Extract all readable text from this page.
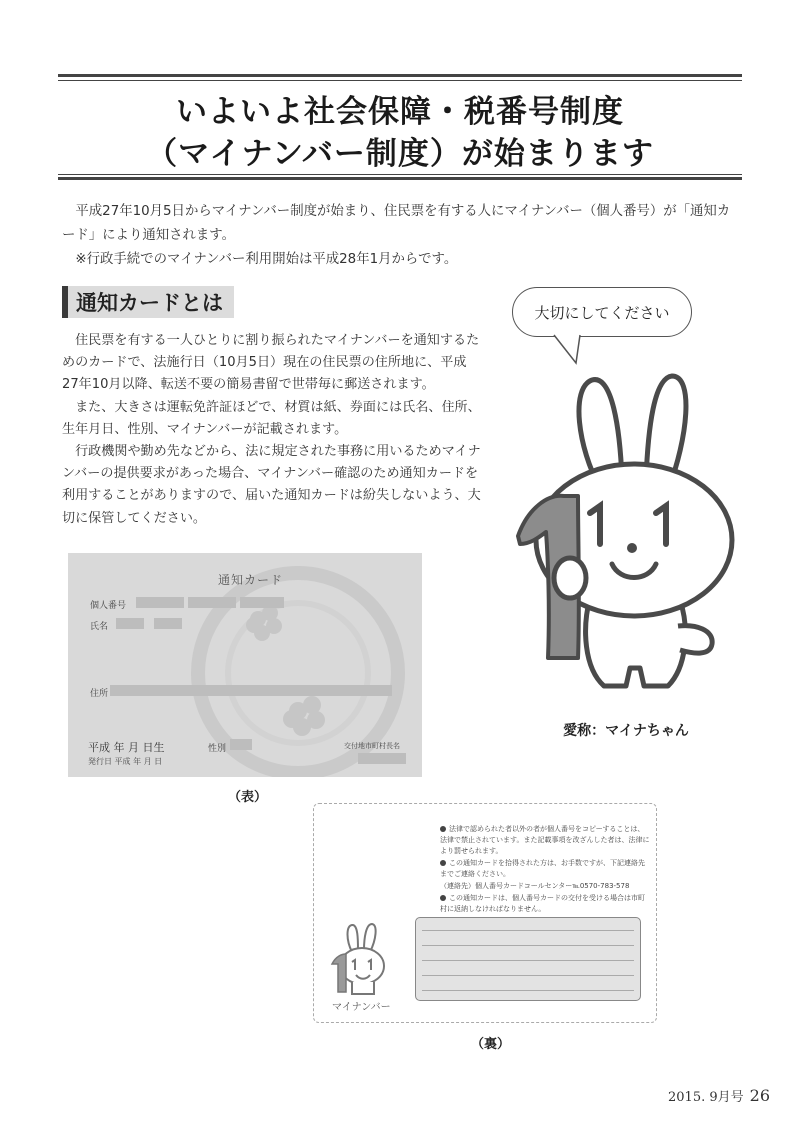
いよいよ社会保障・税番号制度
（マイナンバー制度）が始まります

平成27年10月5日からマイナンバー制度が始まり、住民票を有する人にマイナンバー（個人番号）が「通知カード」により通知されます。

※行政手続でのマイナンバー利用開始は平成28年1月からです。

通知カードとは

住民票を有する一人ひとりに割り振られたマイナンバーを通知するためのカードで、法施行日（10月5日）現在の住民票の住所地に、平成27年10月以降、転送不要の簡易書留で世帯毎に郵送されます。

また、大きさは運転免許証ほどで、材質は紙、券面には氏名、住所、生年月日、性別、マイナンバーが記載されます。

行政機関や勤め先などから、法に規定された事務に用いるためマイナンバーの提供要求があった場合、マイナンバー確認のため通知カードを利用することがありますので、届いた通知カードは紛失しないよう、大切に保管してください。

大切にしてください
愛称：マイナちゃん
通知カード
個人番号
氏名
住所
平成 年 月 日生	性別	交付地市町村長名
発行日 平成 年 月 日
（表）

法律で認められた者以外の者が個人番号をコピーすることは、法律で禁止されています。また記載事項を改ざんした者は、法律により罰せられます。

この通知カードを拾得された方は、お手数ですが、下記連絡先までご連絡ください。

（連絡先）個人番号カードコールセンター℡0570-783-578

この通知カードは、個人番号カードの交付を受ける場合は市町村に返納しなければなりません。

マイナンバー
（裏）
2015. 9月号 26
